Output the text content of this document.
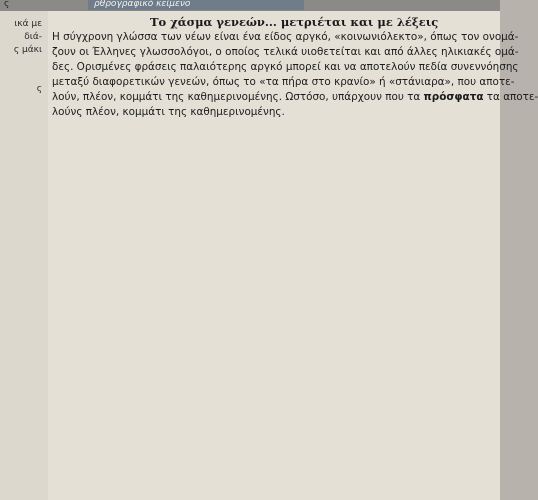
ικά με
διά-
ς μάκι
ς
ς	ρθρογραφικό κείμενο
Το χάσμα γενεών... μετριέται και με λέξεις
Η σύγχρονη γλώσσα των νέων είναι ένα είδος αργκό, «κοινωνιόλεκτο», όπως τον ονομά-
ζουν οι Έλληνες γλωσσολόγοι, ο οποίος τελικά υιοθετείται και από άλλες ηλικιακές ομά-
δες. Ορισμένες φράσεις παλαιότερης αργκό μπορεί και να αποτελούν πεδία συνεννόησης
μεταξύ διαφορετικών γενεών, όπως το «τα πήρα στο κρανίο» ή «στάνιαρα», που αποτε-
λούν, πλέον, κομμάτι της καθημερινομένης. Ωστόσο, υπάρχουν που τα πρόσφατα τα αποτε-
λούνς πλέον, κομμάτι της καθημερινομένης.
